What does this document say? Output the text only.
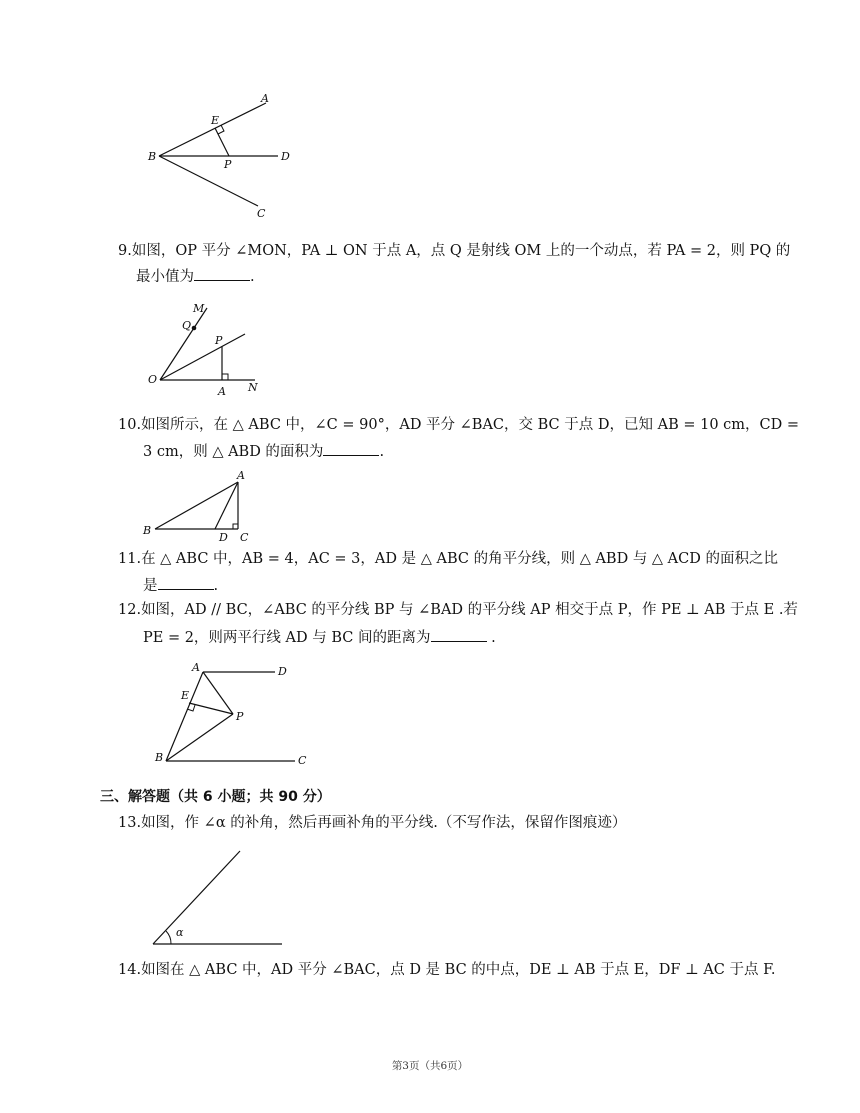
A
E
B
P
D
C
9.如图，OP 平分 ∠MON，PA ⊥ ON 于点 A，点 Q 是射线 OM 上的一个动点，若 PA = 2，则 PQ 的
最小值为	.
M
Q
P
O
A N
10.如图所示，在 △ ABC 中，∠C = 90°，AD 平分 ∠BAC，交 BC 于点 D，已知 AB = 10 cm，CD =
3 cm，则 △ ABD 的面积为	.
A
B
D C
11.在 △ ABC 中，AB = 4，AC = 3，AD 是 △ ABC 的角平分线，则 △ ABD 与 △ ACD 的面积之比
是	.
12.如图，AD // BC，∠ABC 的平分线 BP 与 ∠BAD 的平分线 AP 相交于点 P，作 PE ⊥ AB 于点 E .若
PE = 2，则两平行线 AD 与 BC 间的距离为	.
A	D
E
P
B	C
三、解答题（共 6 小题；共 90 分）
13.如图，作 ∠α 的补角，然后再画补角的平分线.（不写作法，保留作图痕迹）
α
14.如图在 △ ABC 中，AD 平分 ∠BAC，点 D 是 BC 的中点，DE ⊥ AB 于点 E，DF ⊥ AC 于点 F.
第3页（共6页）
